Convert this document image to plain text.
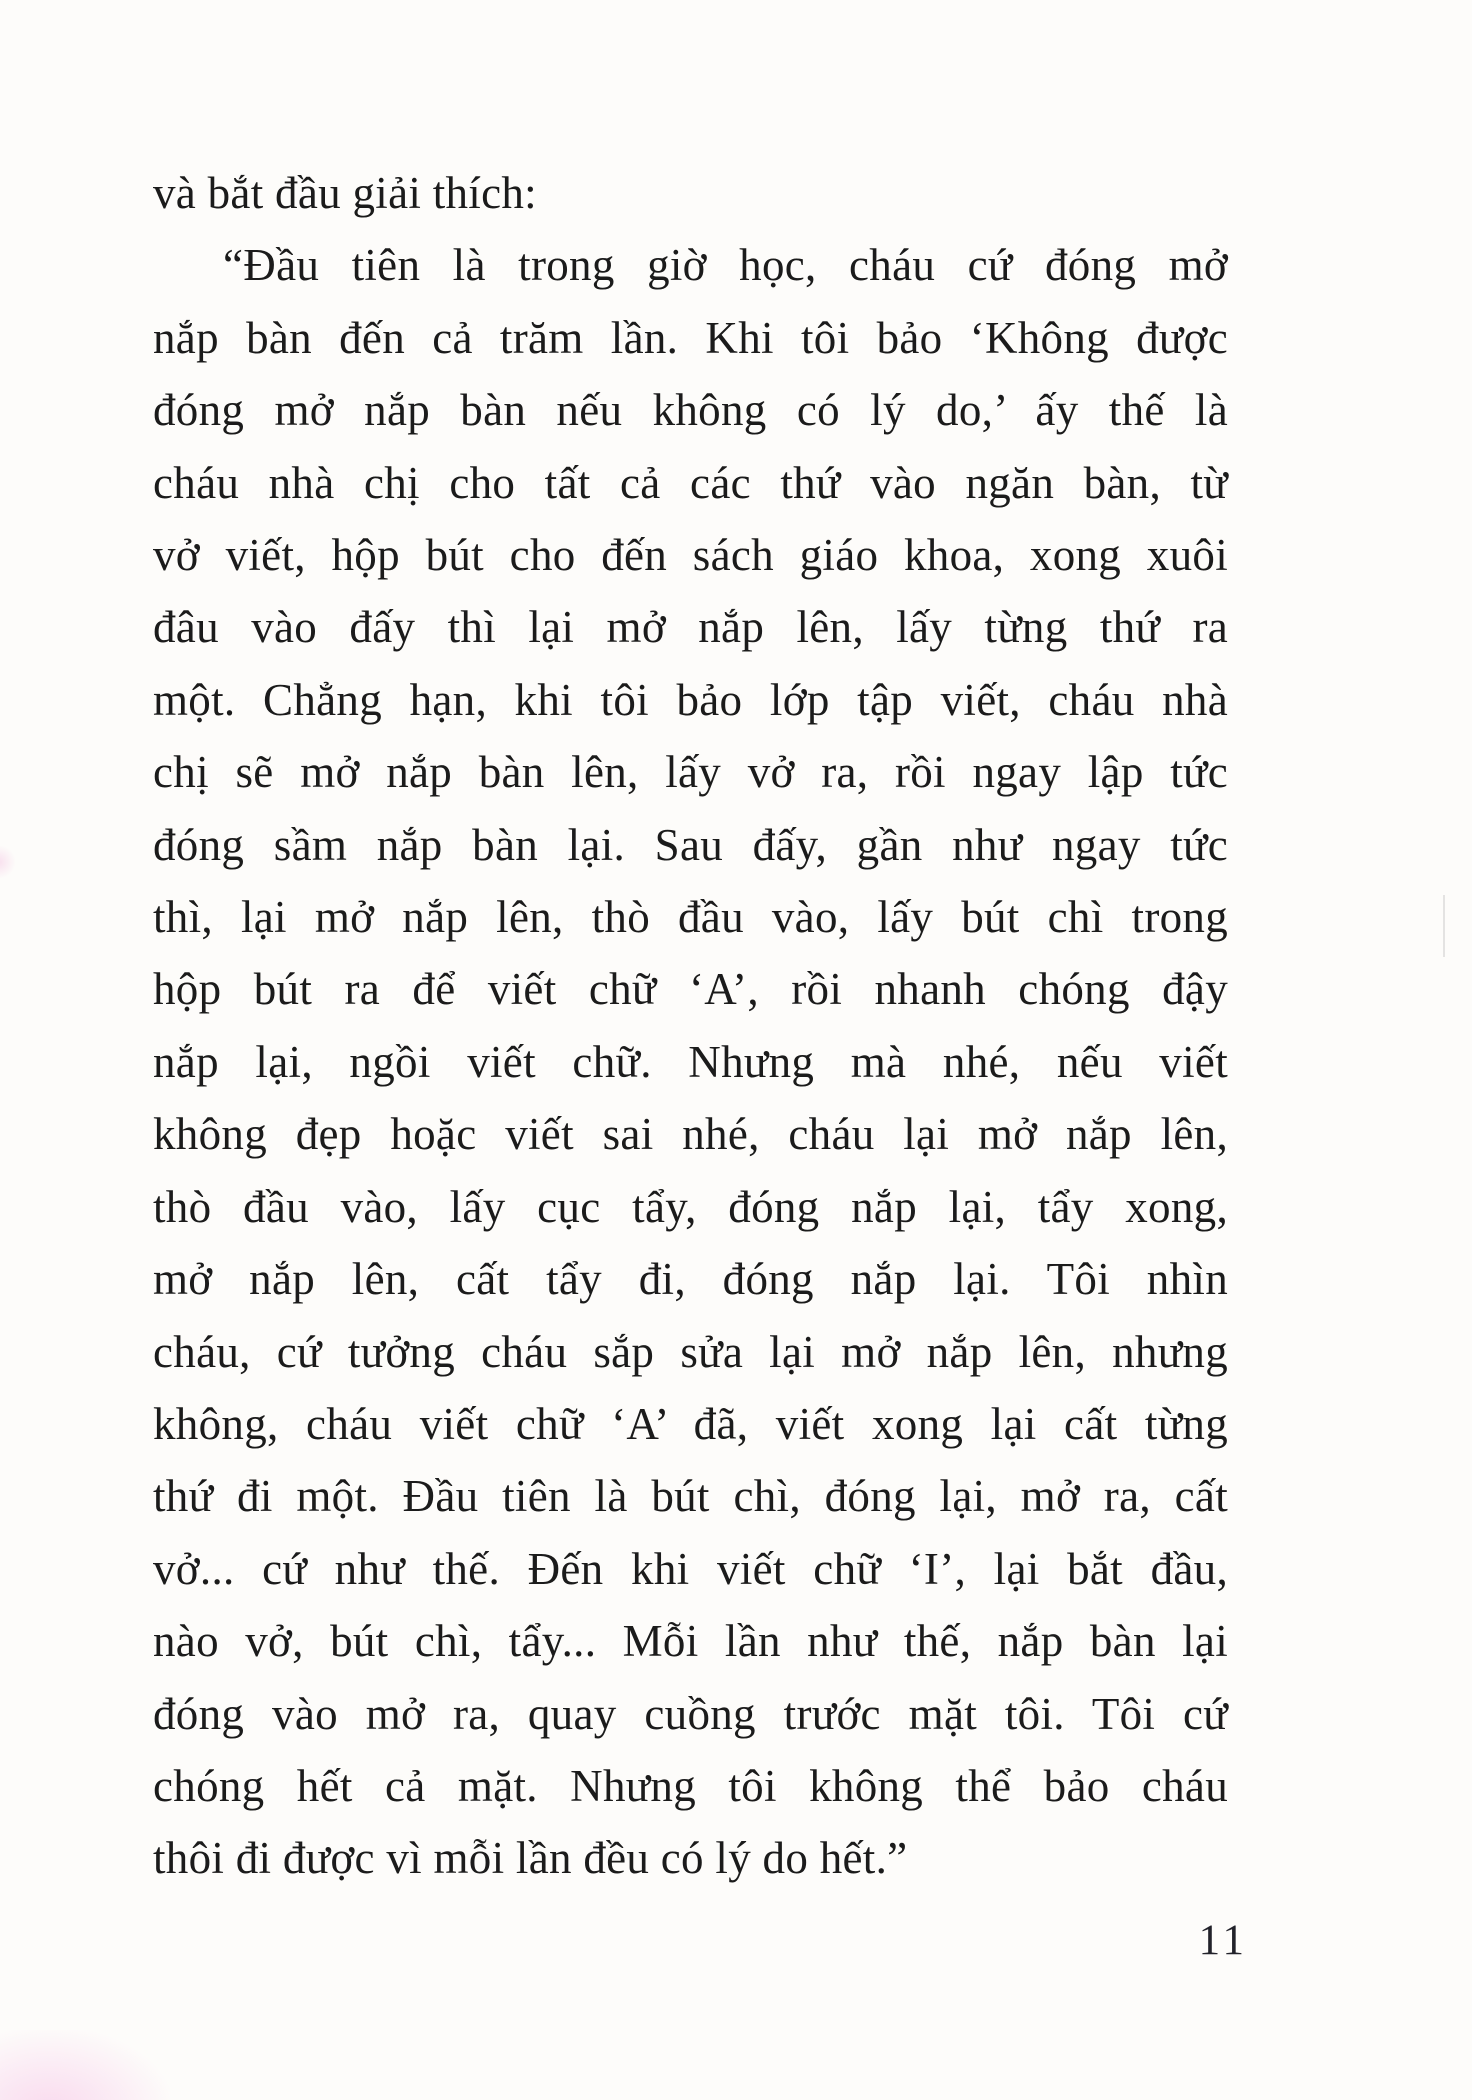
và bắt đầu giải thích:
“Đầu tiên là trong giờ học, cháu cứ đóng mở
nắp bàn đến cả trăm lần. Khi tôi bảo ‘Không được
đóng mở nắp bàn nếu không có lý do,’ ấy thế là
cháu nhà chị cho tất cả các thứ vào ngăn bàn, từ
vở viết, hộp bút cho đến sách giáo khoa, xong xuôi
đâu vào đấy thì lại mở nắp lên, lấy từng thứ ra
một. Chẳng hạn, khi tôi bảo lớp tập viết, cháu nhà
chị sẽ mở nắp bàn lên, lấy vở ra, rồi ngay lập tức
đóng sầm nắp bàn lại. Sau đấy, gần như ngay tức
thì, lại mở nắp lên, thò đầu vào, lấy bút chì trong
hộp bút ra để viết chữ ‘A’, rồi nhanh chóng đậy
nắp lại, ngồi viết chữ. Nhưng mà nhé, nếu viết
không đẹp hoặc viết sai nhé, cháu lại mở nắp lên,
thò đầu vào, lấy cục tẩy, đóng nắp lại, tẩy xong,
mở nắp lên, cất tẩy đi, đóng nắp lại. Tôi nhìn
cháu, cứ tưởng cháu sắp sửa lại mở nắp lên, nhưng
không, cháu viết chữ ‘A’ đã, viết xong lại cất từng
thứ đi một. Đầu tiên là bút chì, đóng lại, mở ra, cất
vở... cứ như thế. Đến khi viết chữ ‘I’, lại bắt đầu,
nào vở, bút chì, tẩy... Mỗi lần như thế, nắp bàn lại
đóng vào mở ra, quay cuồng trước mặt tôi. Tôi cứ
chóng hết cả mặt. Nhưng tôi không thể bảo cháu
thôi đi được vì mỗi lần đều có lý do hết.”
11
